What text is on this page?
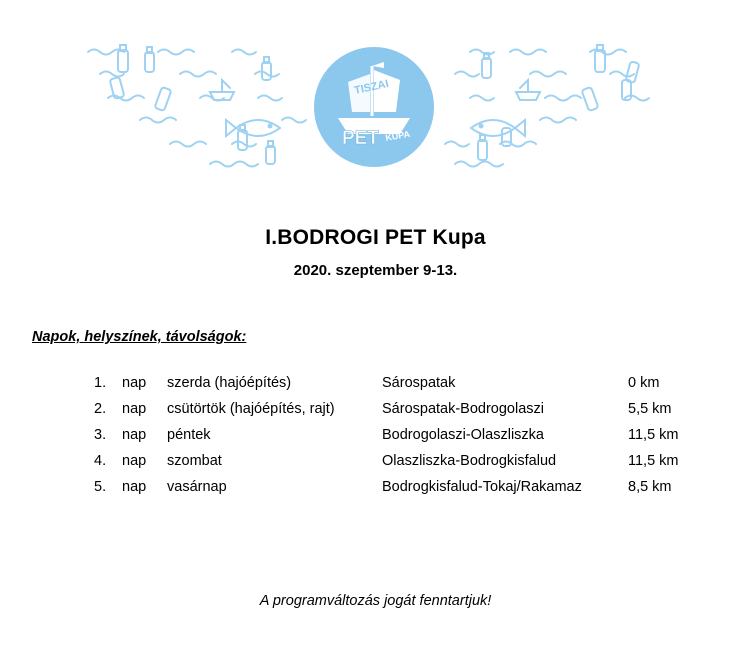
TISZAI
PET KUPA
I.BODROGI PET Kupa
2020. szeptember 9-13.
Napok, helyszínek, távolságok:
1. nap szerda (hajóépítés)	Sárospatak	0 km
2. nap csütörtök (hajóépítés, rajt)	Sárospatak-Bodrogolaszi	5,5 km
3. nap péntek	Bodrogolaszi-Olaszliszka	11,5 km
4. nap szombat	Olaszliszka-Bodrogkisfalud	11,5 km
5. nap vasárnap	Bodrogkisfalud-Tokaj/Rakamaz	8,5 km
A programváltozás jogát fenntartjuk!
